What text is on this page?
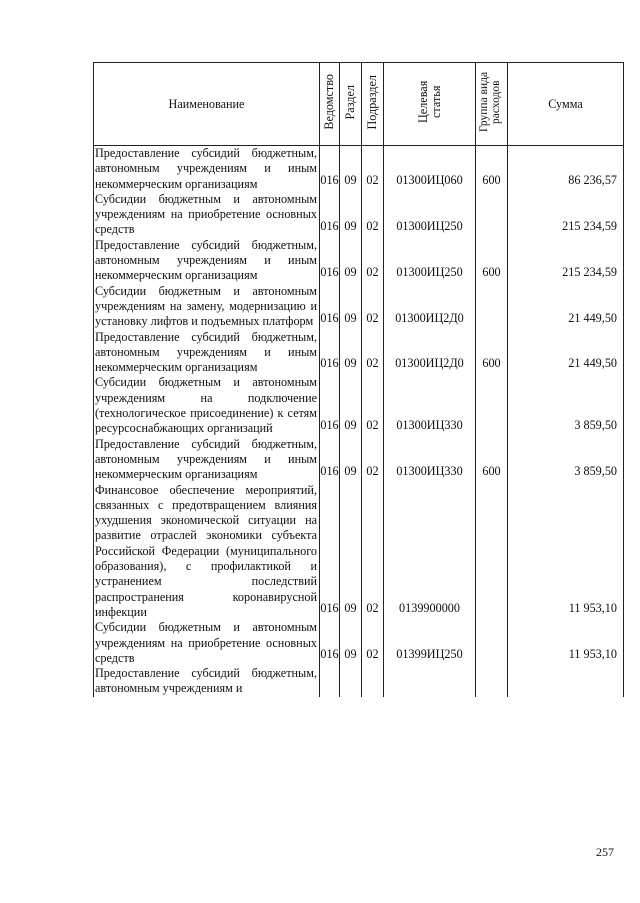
Наименование	Ведомство	Раздел	Подраздел	Целевая статья	Группа вида расходов	Сумма
Предоставление субсидий бюджетным, автономным учреждениям и иным некоммерческим организациям	016	09	02	01300ИЦ060	600	86 236,57
Субсидии бюджетным и автономным учреждениям на приобретение основных средств	016	09	02	01300ИЦ250		215 234,59
Предоставление субсидий бюджетным, автономным учреждениям и иным некоммерческим организациям	016	09	02	01300ИЦ250	600	215 234,59
Субсидии бюджетным и автономным учреждениям на замену, модернизацию и установку лифтов и подъемных платформ	016	09	02	01300ИЦ2Д0		21 449,50
Предоставление субсидий бюджетным, автономным учреждениям и иным некоммерческим организациям	016	09	02	01300ИЦ2Д0	600	21 449,50
Субсидии бюджетным и автономным учреждениям на подключение (технологическое присоединение) к сетям ресурсоснабжающих организаций	016	09	02	01300ИЦ330		3 859,50
Предоставление субсидий бюджетным, автономным учреждениям и иным некоммерческим организациям	016	09	02	01300ИЦ330	600	3 859,50
Финансовое обеспечение мероприятий, связанных с предотвращением влияния ухудшения экономической ситуации на развитие отраслей экономики субъекта Российской Федерации (муниципального образования), с профилактикой и устранением последствий распространения коронавирусной инфекции	016	09	02	0139900000		11 953,10
Субсидии бюджетным и автономным учреждениям на приобретение основных средств	016	09	02	01399ИЦ250		11 953,10
Предоставление субсидий бюджетным, автономным учреждениям и						
257
